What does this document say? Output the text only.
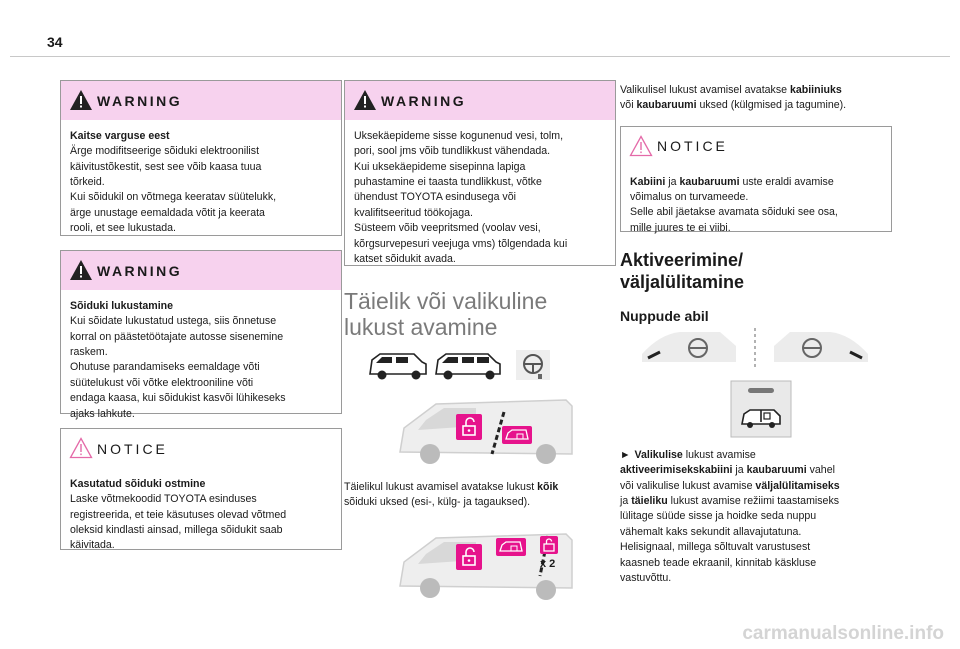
34
WARNING
Kaitse varguse eest

Ärge modifitseerige sõiduki elektroonilist

käivitustõkestit, sest see võib kaasa tuua

tõrkeid.

Kui sõidukil on võtmega keeratav süütelukk,

ärge unustage eemaldada võtit ja keerata

rooli, et see lukustada.

WARNING
Sõiduki lukustamine

Kui sõidate lukustatud ustega, siis õnnetuse

korral on päästetöötajate autosse sisenemine

raskem.

Ohutuse parandamiseks eemaldage võti

süütelukust või võtke elektrooniline võti

endaga kaasa, kui sõidukist kasvõi lühikeseks

ajaks lahkute.

NOTICE
Kasutatud sõiduki ostmine

Laske võtmekoodid TOYOTA esinduses

registreerida, et teie käsutuses olevad võtmed

oleksid kindlasti ainsad, millega sõidukit saab

käivitada.

WARNING

Uksekäepideme sisse kogunenud vesi, tolm,

pori, sool jms võib tundlikkust vähendada.

Kui uksekäepideme sisepinna lapiga

puhastamine ei taasta tundlikkust, võtke

ühendust TOYOTA esindusega või

kvalifitseeritud töökojaga.

Süsteem võib veepritsmed (voolav vesi,

kõrgsurvepesuri veejuga vms) tõlgendada kui

katset sõidukit avada.

Täielik või valikuline
lukust avamine
Täielikul lukust avamisel avatakse lukust kõik
sõiduki uksed (esi-, külg- ja tagauksed).
x 2
Valikulisel lukust avamisel avatakse kabiiniuks
või kaubaruumi uksed (külgmised ja tagumine).
NOTICE

Kabiini ja kaubaruumi uste eraldi avamise

võimalus on turvameede.

Selle abil jäetakse avamata sõiduki see osa,

mille juures te ei viibi.

Aktiveerimine/
väljalülitamine
Nuppude abil
► Valikulise lukust avamise
aktiveerimisekskabiini ja kaubaruumi vahel
või valikulise lukust avamise väljalülitamiseks
ja täieliku lukust avamise režiimi taastamiseks
lülitage süüde sisse ja hoidke seda nuppu
vähemalt kaks sekundit allavajutatuna.
Helisignaal, millega sõltuvalt varustusest
kaasneb teade ekraanil, kinnitab käskluse
vastuvõttu.
carmanualsonline.info
